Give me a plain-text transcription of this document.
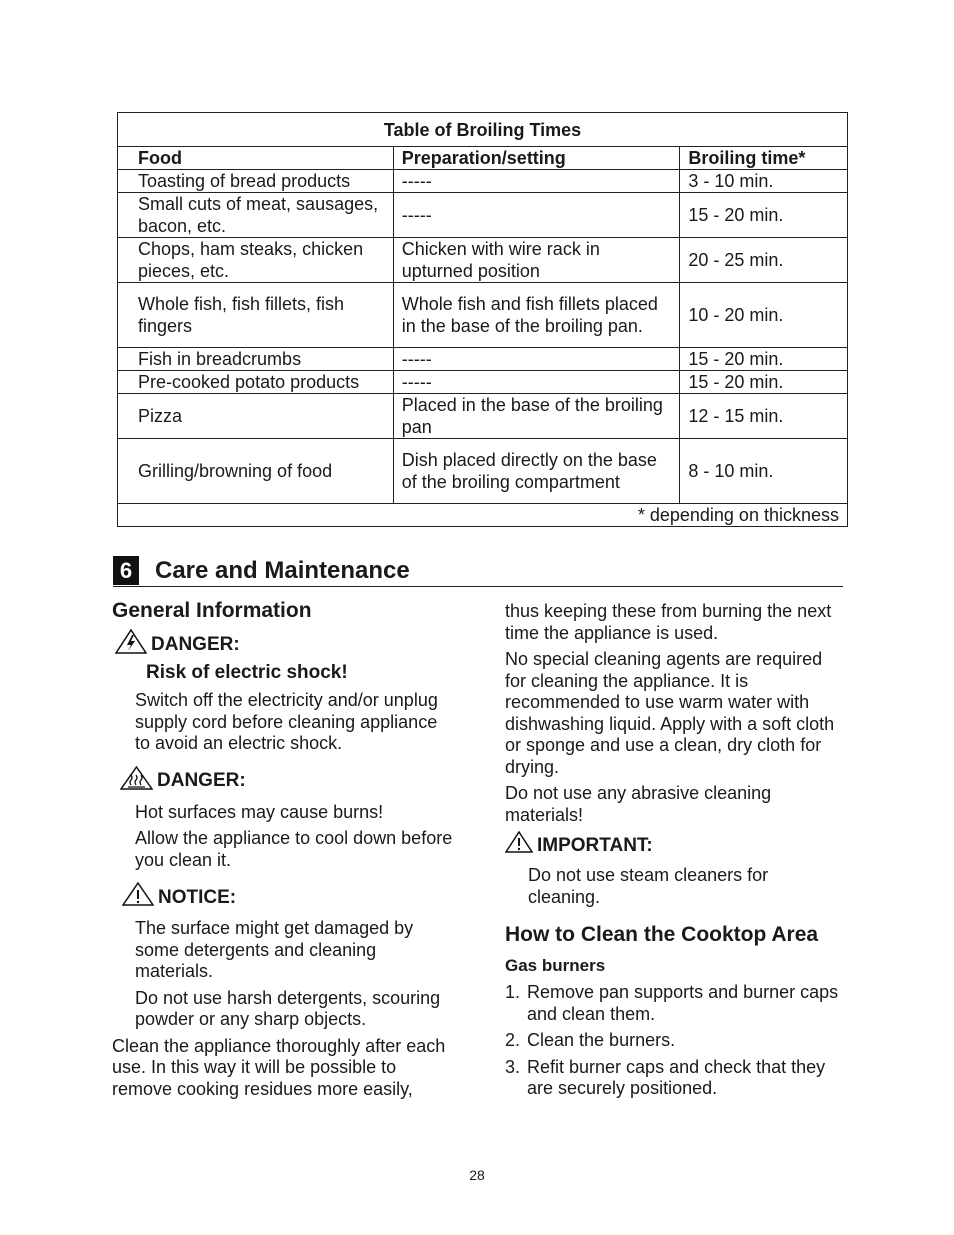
Table of Broiling Times		
Food	Preparation/setting	Broiling time*
Toasting of bread products	-----	3 - 10 min.
Small cuts of meat, sausages, bacon, etc.	-----	15 - 20 min.
Chops, ham steaks, chicken pieces, etc.	Chicken with wire rack in upturned position	20 - 25 min.
Whole fish, fish fillets, fish fingers	Whole fish and fish fillets placed in the base of the broiling pan.	10 - 20 min.
Fish in breadcrumbs	-----	15 - 20 min.
Pre-cooked potato products	-----	15 - 20 min.
Pizza	Placed in the base of the broiling pan	12 - 15 min.
Grilling/browning of food	Dish placed directly on the base of the broiling compartment	8 - 10 min.
* depending on thickness		
6 Care and Maintenance
General Information
DANGER:
Risk of electric shock!

Switch off the electricity and/or unplug supply cord before cleaning appliance to avoid an electric shock.

DANGER:

Hot surfaces may cause burns!

Allow the appliance to cool down before you clean it.

NOTICE:

The surface might get damaged by some detergents and cleaning materials.

Do not use harsh detergents, scouring powder or any sharp objects.

Clean the appliance thoroughly after each use. In this way it will be possible to remove cooking residues more easily,

thus keeping these from burning the next time the appliance is used.

No special cleaning agents are required for cleaning the appliance. It is recommended to use warm water with dishwashing liquid. Apply with a soft cloth or sponge and use a clean, dry cloth for drying.

Do not use any abrasive cleaning materials!

IMPORTANT:

Do not use steam cleaners for cleaning.

How to Clean the Cooktop Area
Gas burners
1. Remove pan supports and burner caps and clean them.
2. Clean the burners.
3. Refit burner caps and check that they are securely positioned.
28
